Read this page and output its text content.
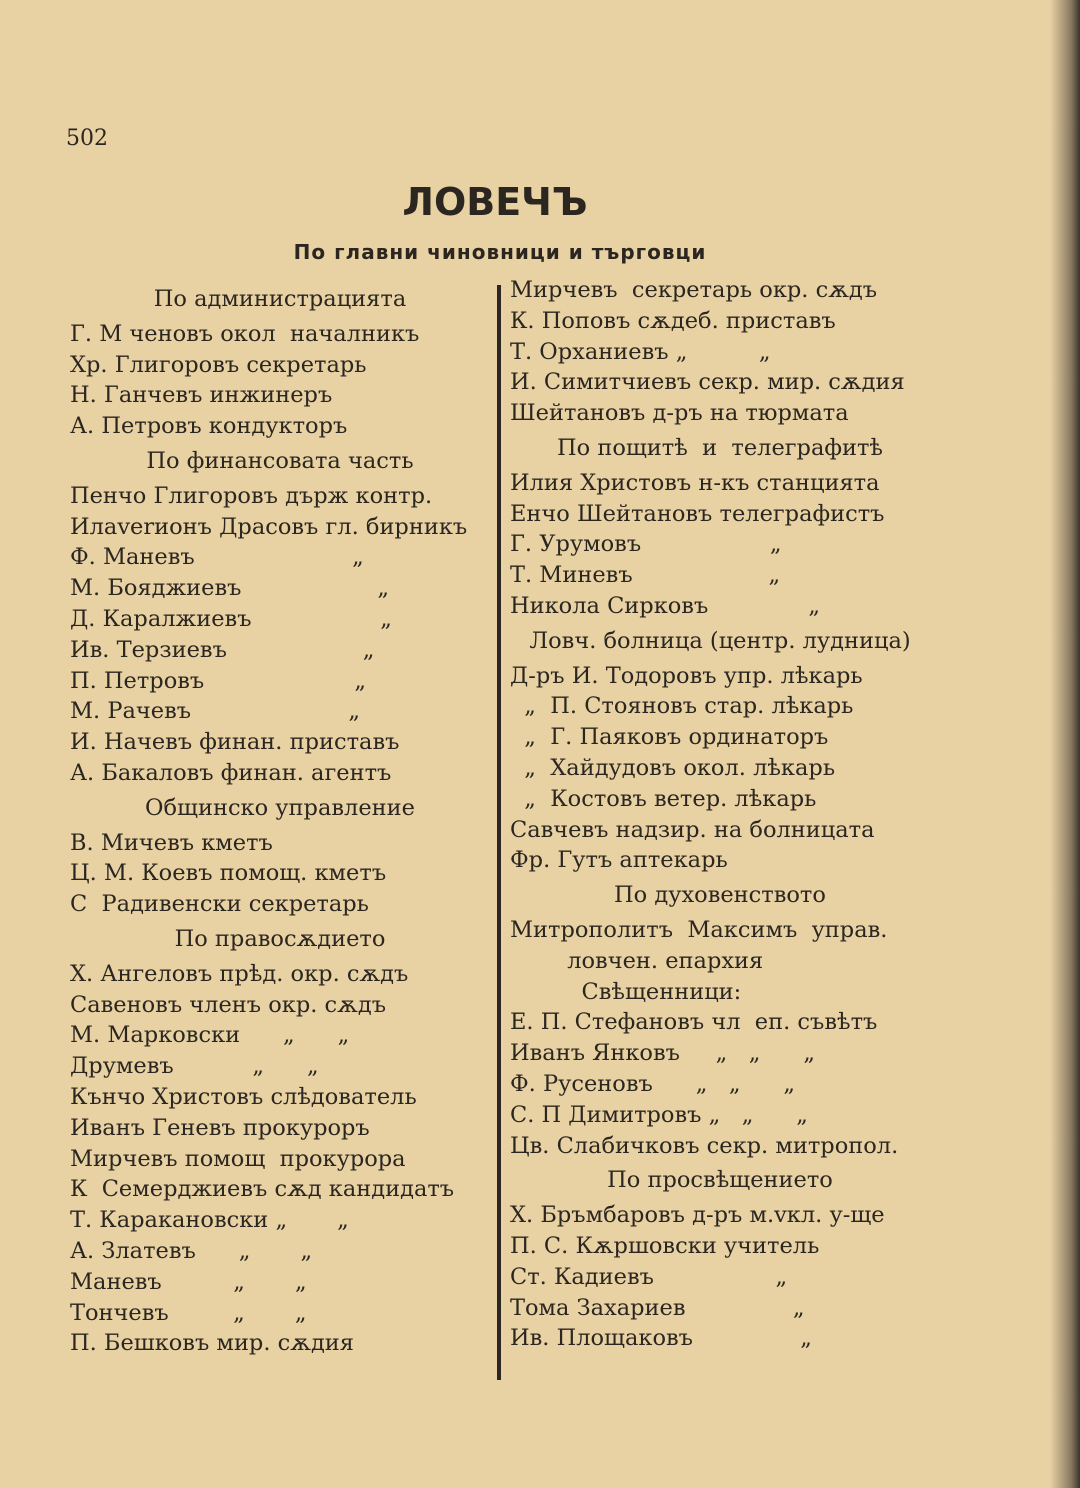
502
ЛОВЕЧЪ
По главни чиновници и търговци
По администрацията
Г. М ченовъ окол  началникъ
Хр. Глигоровъ секретарь
Н. Ганчевъ инжинеръ
А. Петровъ кондукторъ
По финансовата часть
Пенчо Глигоровъ държ контр.
Илaverионъ Драсовъ гл. бирникъ
Ф. Маневъ                      „
М. Бояджиевъ                   „
Д. Каралжиевъ                  „
Ив. Терзиевъ                   „
П. Петровъ                     „
М. Рачевъ                      „
И. Начевъ финан. приставъ
А. Бакаловъ финан. агентъ
Общинско управление
В. Мичевъ кметъ
Ц. М. Коевъ помощ. кметъ
С  Радивенски секретарь
По правосѫдието
Х. Ангеловъ прѣд. окр. сѫдъ
Савеновъ членъ окр. сѫдъ
М. Марковски      „      „
Друмевъ           „      „
Кънчо Христовъ слѣдователь
Иванъ Геневъ прокуроръ
Мирчевъ помощ  прокурора
К  Семерджиевъ сѫд кандидатъ
Т. Каракановски „       „
А. Златевъ      „       „
Маневъ          „       „
Тончевъ         „       „
П. Бешковъ мир. сѫдия
Мирчевъ  секретарь окр. сѫдъ
К. Поповъ сѫдеб. приставъ
Т. Орханиевъ „          „
И. Симитчиевъ секр. мир. сѫдия
Шейтановъ д-ръ на тюрмата
По пощитѣ  и  телеграфитѣ
Илия Христовъ н-къ станцията
Енчо Шейтановъ телеграфистъ
Г. Урумовъ                  „
Т. Миневъ                   „
Никола Сирковъ              „
Ловч. болница (центр. лудница)
Д-ръ И. Тодоровъ упр. лѣкарь
„  П. Стояновъ стар. лѣкарь
„  Г. Паяковъ ординаторъ
„  Хайдудовъ окол. лѣкарь
„  Костовъ ветер. лѣкарь
Савчевъ надзир. на болницата
Фр. Гутъ аптекарь
По духовенството
Митрополитъ  Максимъ  управ.
ловчен. епархия
Свѣщенници:
Е. П. Стефановъ чл  еп. съвѣтъ
Иванъ Янковъ     „   „      „
Ф. Русеновъ      „   „      „
С. П Димитровъ „   „      „
Цв. Слабичковъ секр. митропол.
По просвѣщението
Х. Бръмбаровъ д-ръ м.vкл. у-ще
П. С. Кѫршовски учитель
Ст. Кадиевъ                 „
Тома Захариев               „
Ив. Площаковъ               „
